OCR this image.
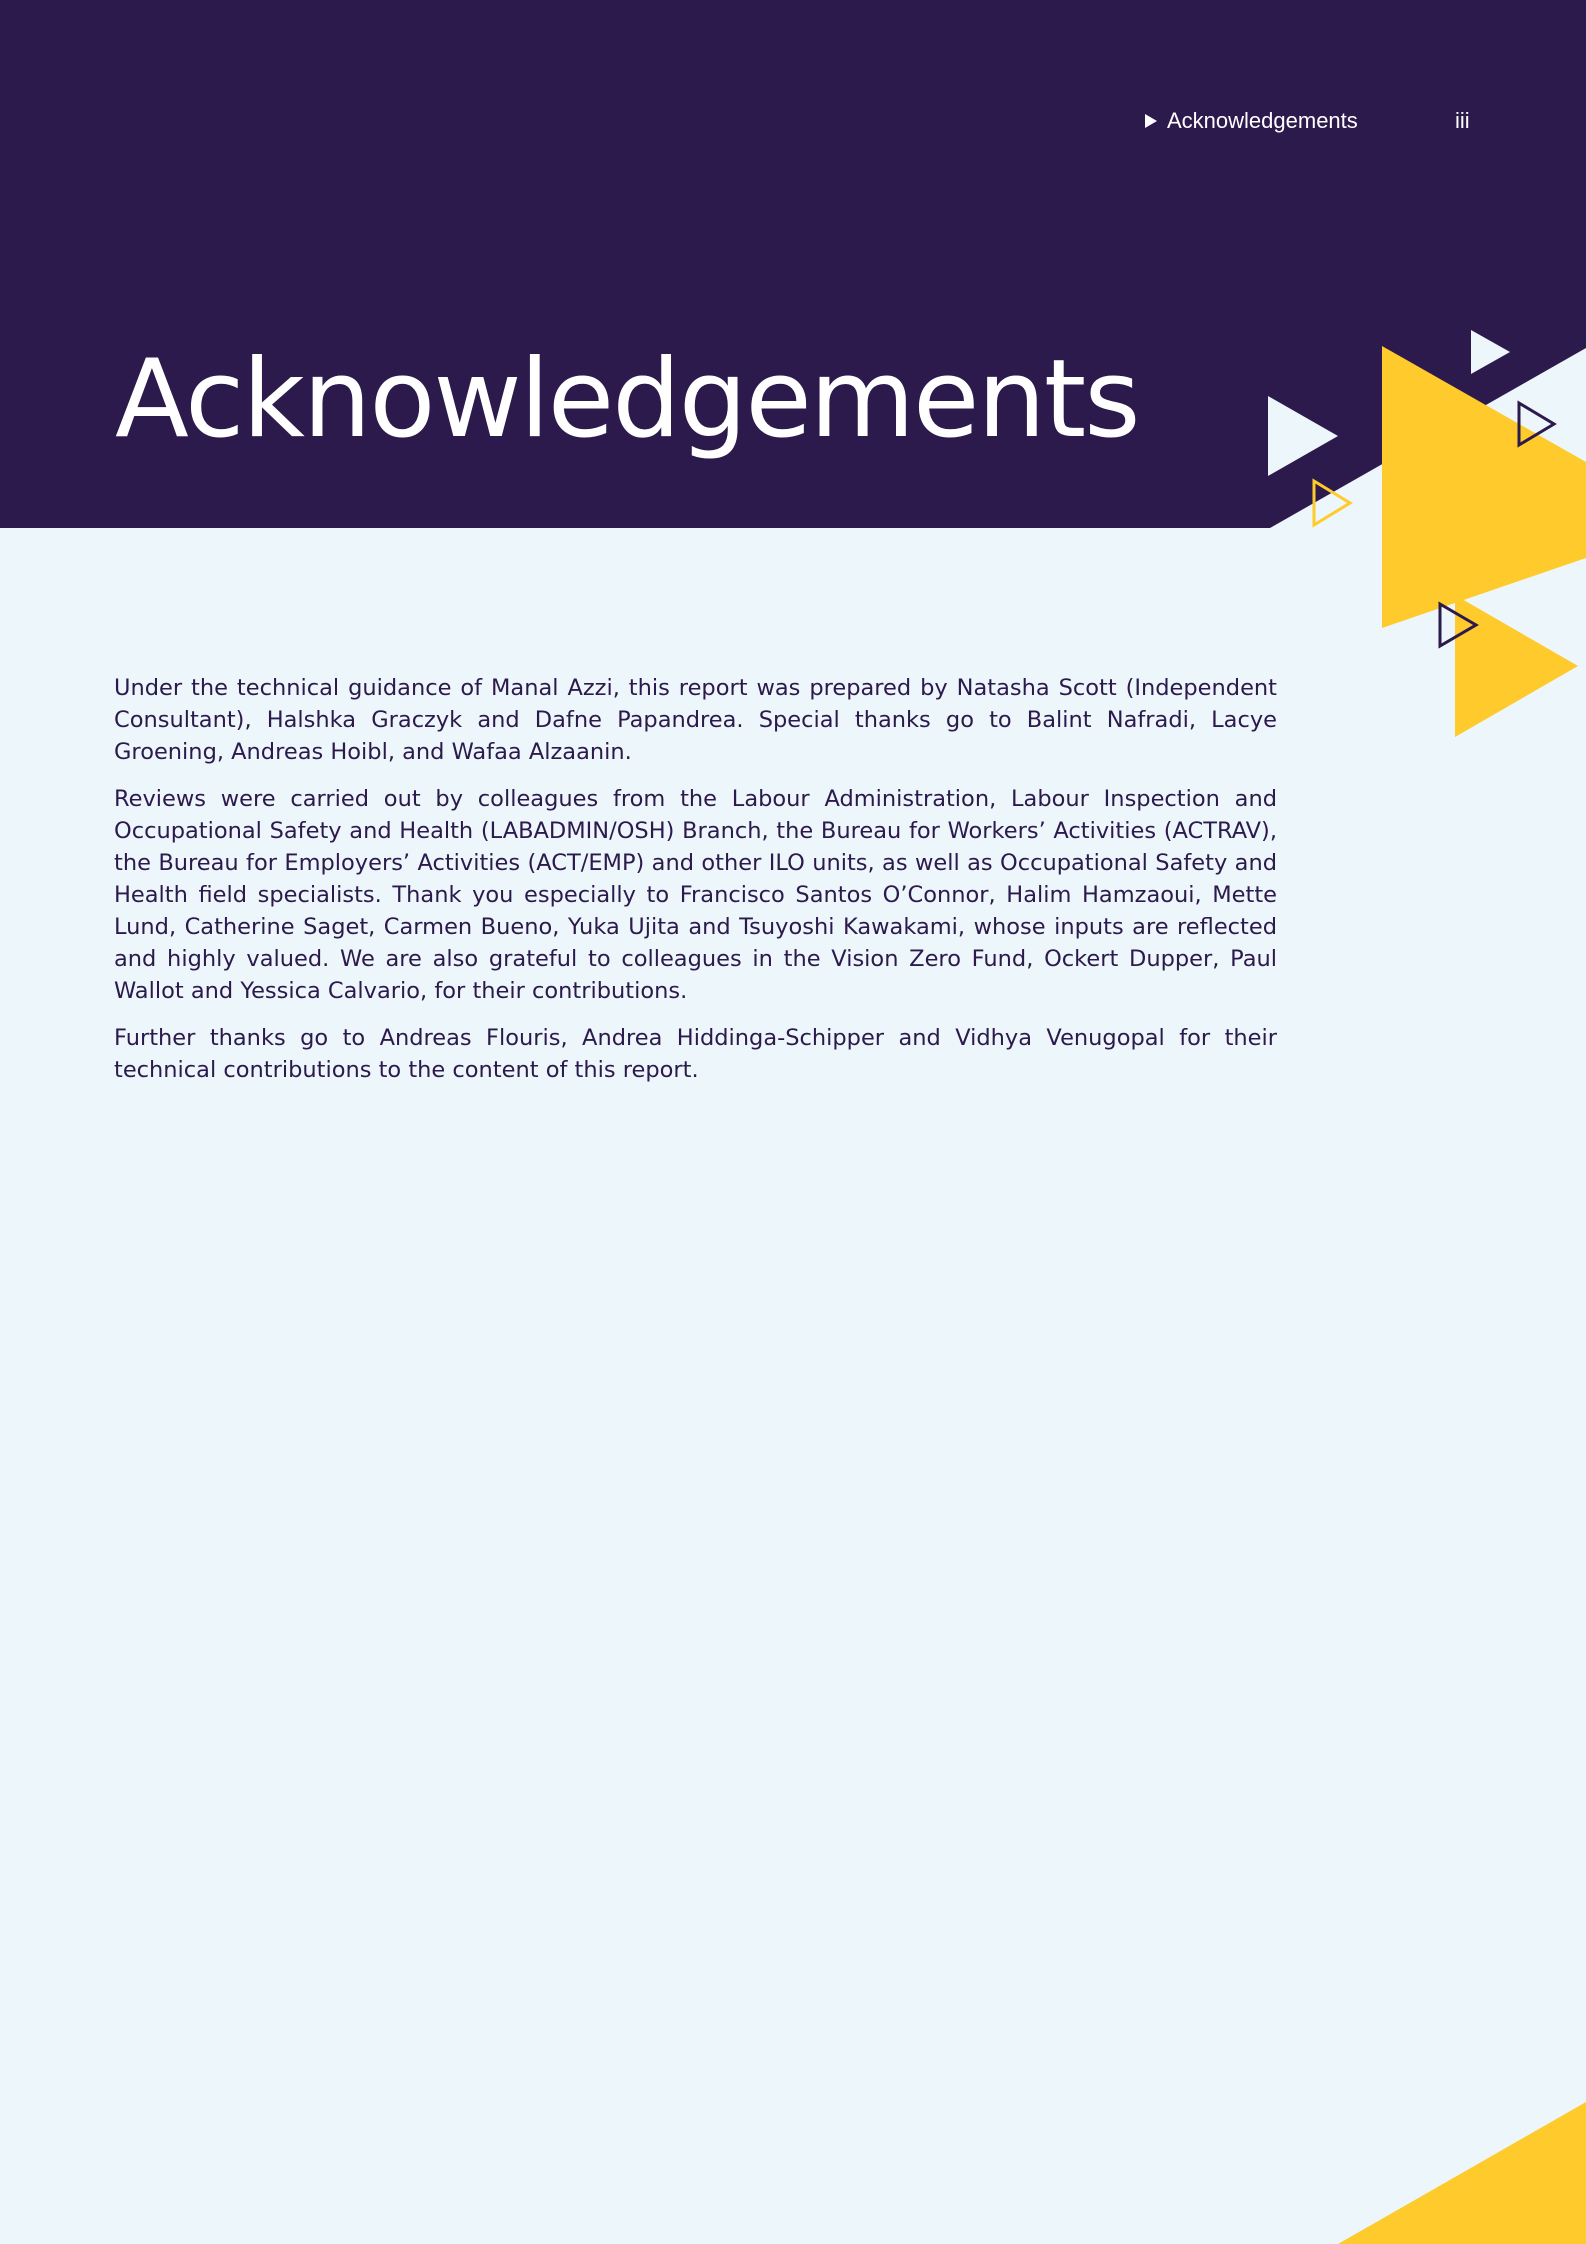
Acknowledgements	iii
Acknowledgements

Under the technical guidance of Manal Azzi, this report was prepared by Natasha Scott (Independent Consultant), Halshka Graczyk and Dafne Papandrea. Special thanks go to Balint Nafradi, Lacye Groening, Andreas Hoibl, and Wafaa Alzaanin.

Reviews were carried out by colleagues from the Labour Administration, Labour Inspection and Occupational Safety and Health (LABADMIN/OSH) Branch, the Bureau for Workers’ Activities (ACTRAV), the Bureau for Employers’ Activities (ACT/EMP) and other ILO units, as well as Occupational Safety and Health field specialists. Thank you especially to Francisco Santos O’Connor, Halim Hamzaoui, Mette Lund, Catherine Saget, Carmen Bueno, Yuka Ujita and Tsuyoshi Kawakami, whose inputs are reflected and highly valued. We are also grateful to colleagues in the Vision Zero Fund, Ockert Dupper, Paul Wallot and Yessica Calvario, for their contributions.

Further thanks go to Andreas Flouris, Andrea Hiddinga-Schipper and Vidhya Venugopal for their technical contributions to the content of this report.
